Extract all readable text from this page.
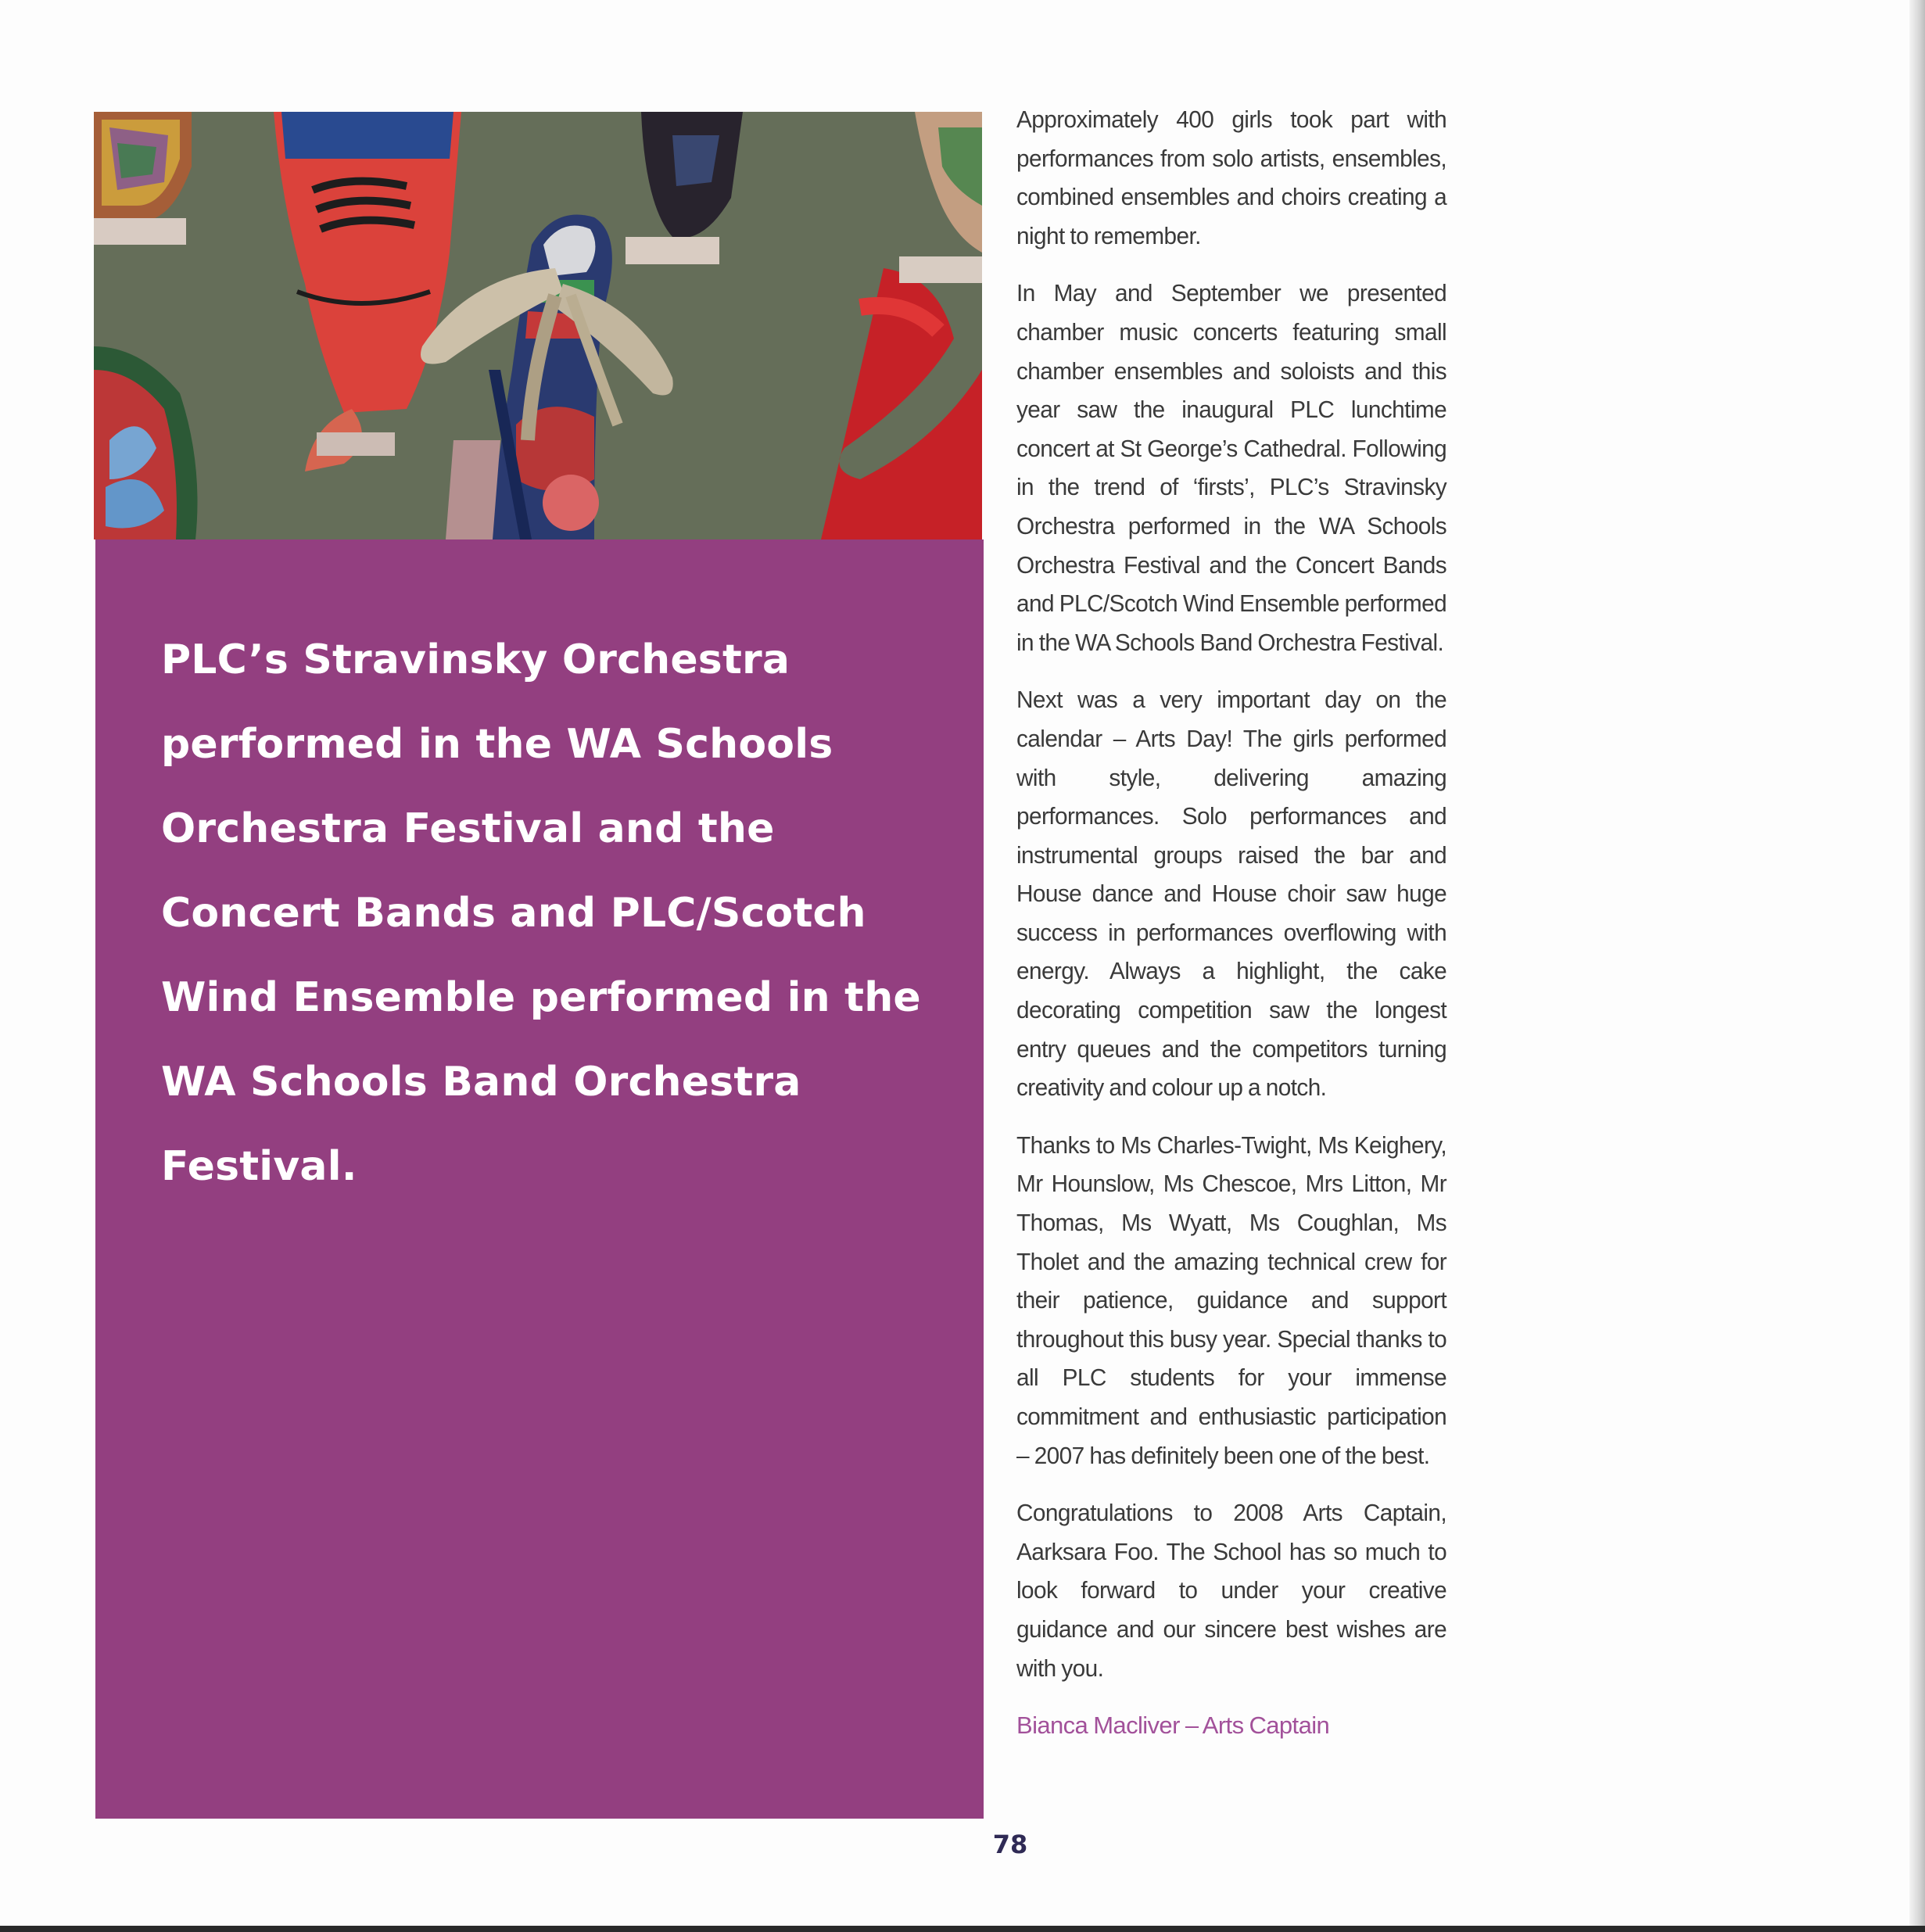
PLC’s Stravinsky Orchestra performed in the WA Schools Orchestra Festival and the Concert Bands and PLC/Scotch Wind Ensemble performed in the WA Schools Band Orchestra Festival.

Approximately 400 girls took part with performances from solo artists, ensembles, combined ensembles and choirs creating a night to remember.

In May and September we presented chamber music concerts featuring small chamber ensembles and soloists and this year saw the inaugural PLC lunchtime concert at St George’s Cathedral. Following in the trend of ‘firsts’, PLC’s Stravinsky Orchestra performed in the WA Schools Orchestra Festival and the Concert Bands and PLC/Scotch Wind Ensemble performed in the WA Schools Band Orchestra Festival.

Next was a very important day on the calendar – Arts Day! The girls performed with style, delivering amazing performances. Solo performances and instrumental groups raised the bar and House dance and House choir saw huge success in performances overflowing with energy. Always a highlight, the cake decorating competition saw the longest entry queues and the competitors turning creativity and colour up a notch.

Thanks to Ms Charles-Twight, Ms Keighery, Mr Hounslow, Ms Chescoe, Mrs Litton, Mr Thomas, Ms Wyatt, Ms Coughlan, Ms Tholet and the amazing technical crew for their patience, guidance and support throughout this busy year. Special thanks to all PLC students for your immense commitment and enthusiastic participation – 2007 has definitely been one of the best.

Congratulations to 2008 Arts Captain, Aarksara Foo. The School has so much to look forward to under your creative guidance and our sincere best wishes are with you.

Bianca Macliver – Arts Captain
78
